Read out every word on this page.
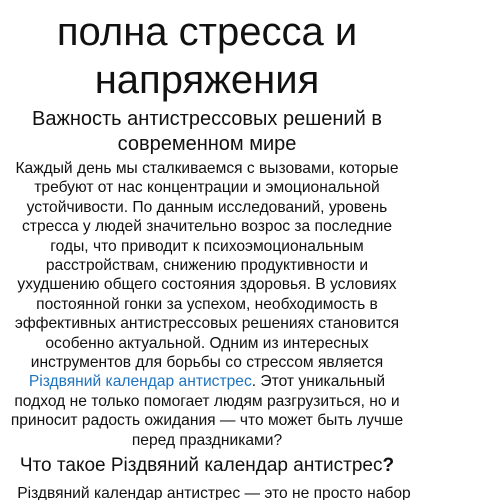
полна стресса и
напряжения
Важность антистрессовых решений в современном мире

Каждый день мы сталкиваемся с вызовами, которые требуют от нас концентрации и эмоциональной устойчивости. По данным исследований, уровень стресса у людей значительно возрос за последние годы, что приводит к психоэмоциональным расстройствам, снижению продуктивности и ухудшению общего состояния здоровья. В условиях постоянной гонки за успехом, необходимость в эффективных антистрессовых решениях становится особенно актуальной. Одним из интересных инструментов для борьбы со стрессом является Різдвяний календар антистрес. Этот уникальный подход не только помогает людям разгрузиться, но и приносит радость ожидания — что может быть лучше перед праздниками?

Что такое Різдвяний календар антистрес?

Різдвяний календар антистрес — это не просто набор
